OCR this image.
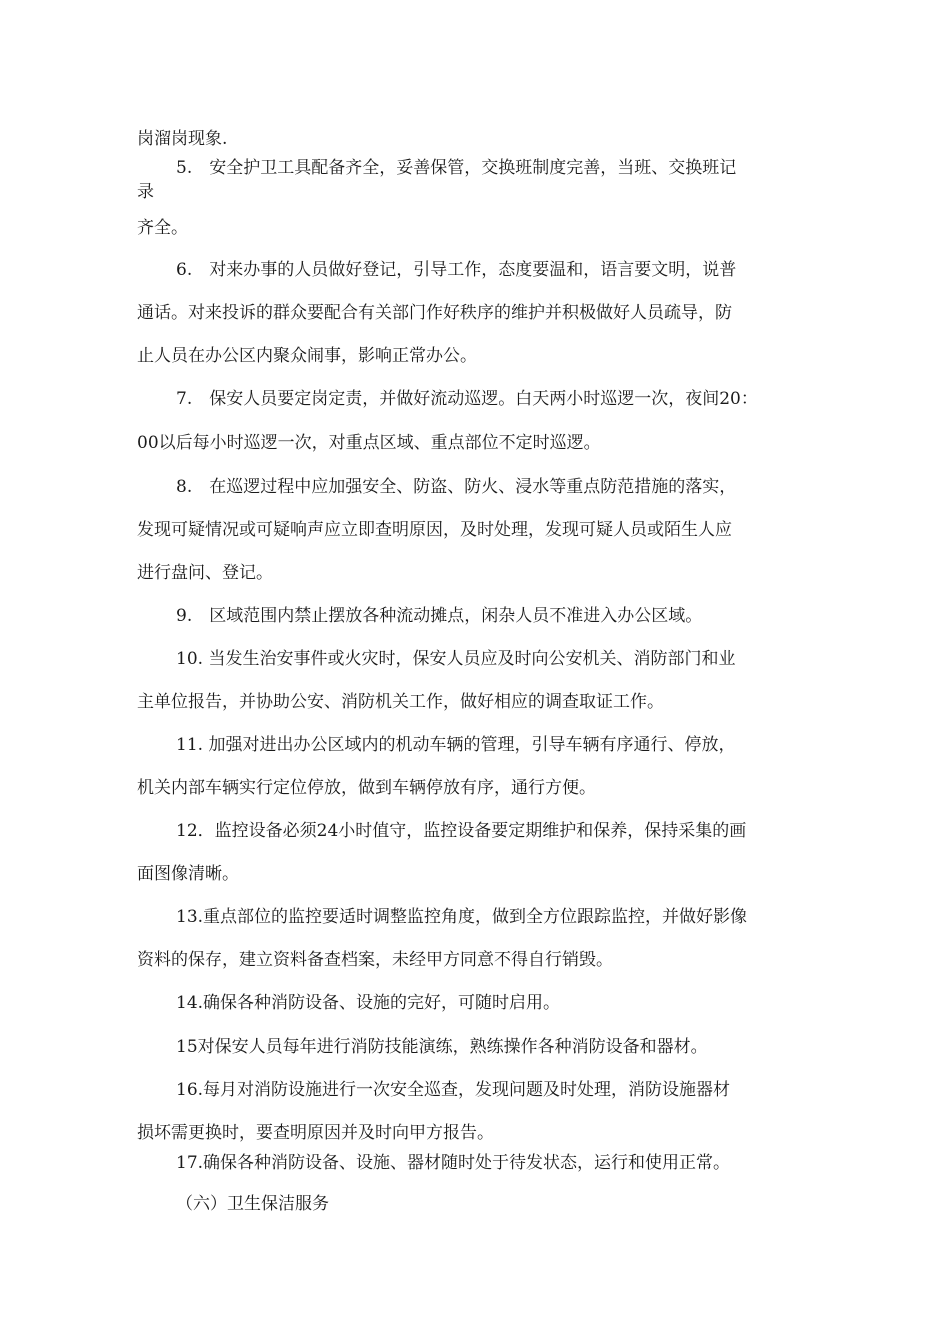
岗溜岗现象.
5.　安全护卫工具配备齐全，妥善保管，交换班制度完善，当班、交换班记
录
齐全。
6.　对来办事的人员做好登记，引导工作，态度要温和，语言要文明，说普
通话。对来投诉的群众要配合有关部门作好秩序的维护并积极做好人员疏导，防
止人员在办公区内聚众闹事，影响正常办公。
7.　保安人员要定岗定责，并做好流动巡逻。白天两小时巡逻一次，夜间20：
00以后每小时巡逻一次，对重点区域、重点部位不定时巡逻。
8.　在巡逻过程中应加强安全、防盗、防火、浸水等重点防范措施的落实，
发现可疑情况或可疑响声应立即查明原因，及时处理，发现可疑人员或陌生人应
进行盘问、登记。
9.　区域范围内禁止摆放各种流动摊点，闲杂人员不准进入办公区域。
10. 当发生治安事件或火灾时，保安人员应及时向公安机关、消防部门和业
主单位报告，并协助公安、消防机关工作，做好相应的调查取证工作。
11. 加强对进出办公区域内的机动车辆的管理，引导车辆有序通行、停放，
机关内部车辆实行定位停放，做到车辆停放有序，通行方便。
12．监控设备必须24小时值守，监控设备要定期维护和保养，保持采集的画
面图像清晰。
13.重点部位的监控要适时调整监控角度，做到全方位跟踪监控，并做好影像
资料的保存，建立资料备查档案，未经甲方同意不得自行销毁。
14.确保各种消防设备、设施的完好，可随时启用。
15对保安人员每年进行消防技能演练，熟练操作各种消防设备和器材。
16.每月对消防设施进行一次安全巡查，发现问题及时处理，消防设施器材
损坏需更换时，要查明原因并及时向甲方报告。
17.确保各种消防设备、设施、器材随时处于待发状态，运行和使用正常。
（六）卫生保洁服务
